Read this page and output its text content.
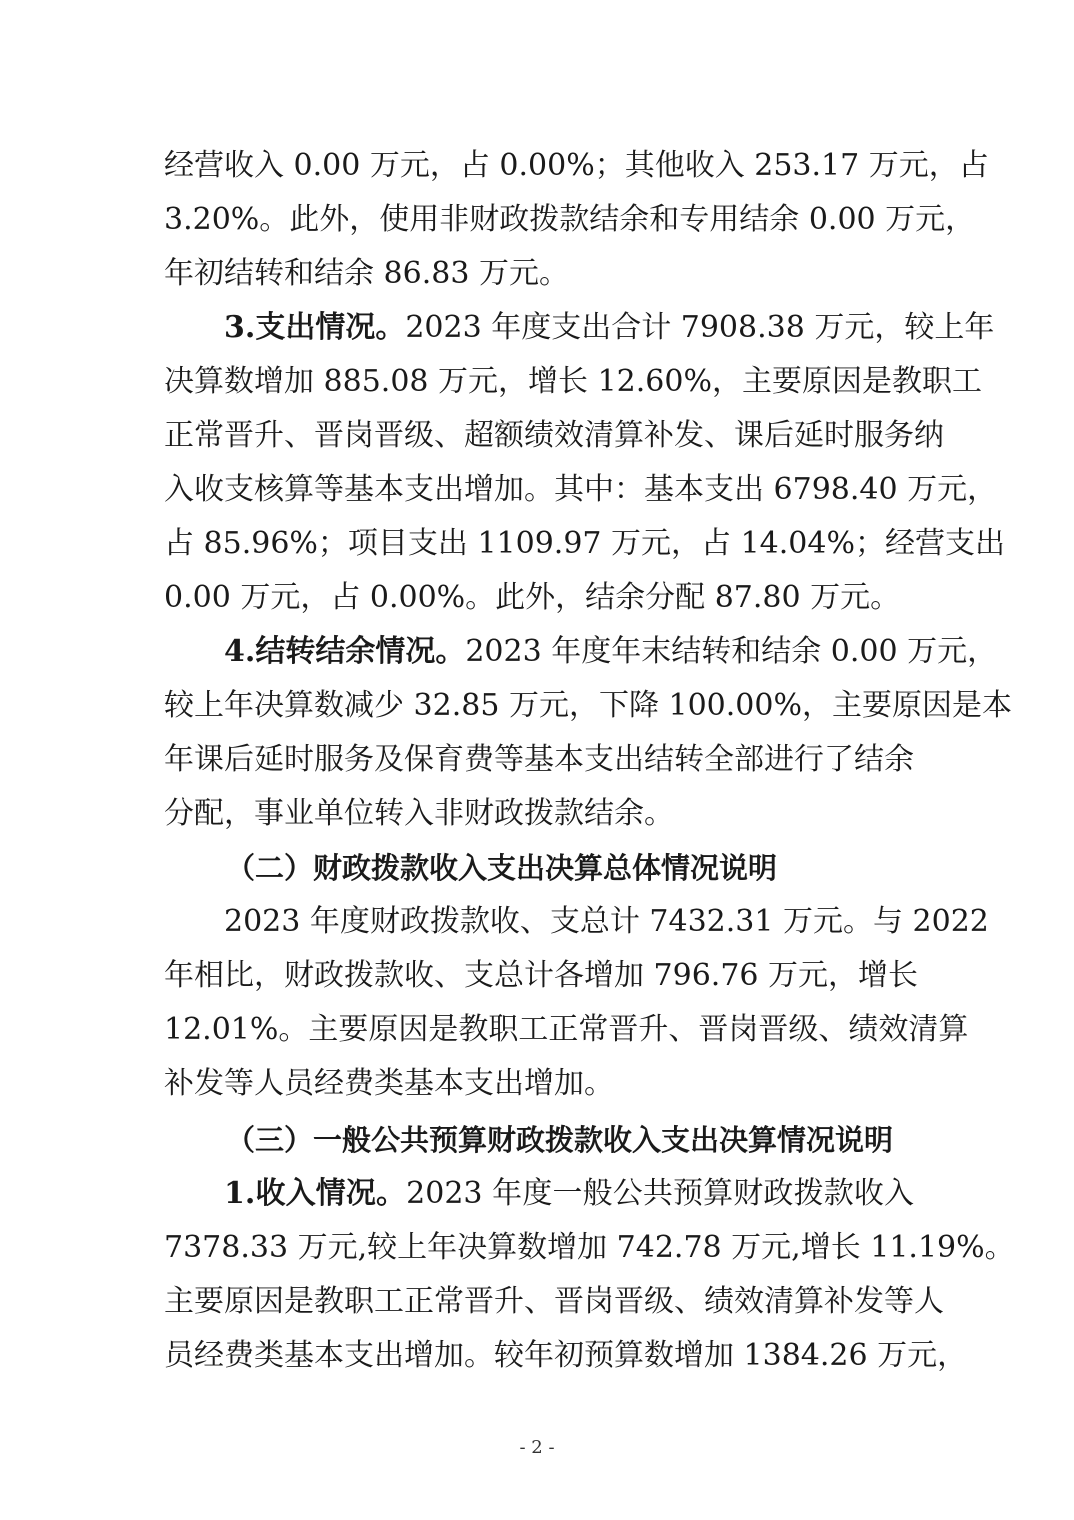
经营收入 0.00 万元，占 0.00%；其他收入 253.17 万元，占
3.20%。此外，使用非财政拨款结余和专用结余 0.00 万元，
年初结转和结余 86.83 万元。
3.支出情况。2023 年度支出合计 7908.38 万元，较上年
决算数增加 885.08 万元，增长 12.60%，主要原因是教职工
正常晋升、晋岗晋级、超额绩效清算补发、课后延时服务纳
入收支核算等基本支出增加。其中：基本支出 6798.40 万元，
占 85.96%；项目支出 1109.97 万元，占 14.04%；经营支出
0.00 万元，占 0.00%。此外，结余分配 87.80 万元。
4.结转结余情况。2023 年度年末结转和结余 0.00 万元，
较上年决算数减少 32.85 万元，下降 100.00%，主要原因是本
年课后延时服务及保育费等基本支出结转全部进行了结余
分配，事业单位转入非财政拨款结余。
（二）财政拨款收入支出决算总体情况说明
2023 年度财政拨款收、支总计 7432.31 万元。与 2022
年相比，财政拨款收、支总计各增加 796.76 万元，增长
12.01%。主要原因是教职工正常晋升、晋岗晋级、绩效清算
补发等人员经费类基本支出增加。
（三）一般公共预算财政拨款收入支出决算情况说明
1.收入情况。2023 年度一般公共预算财政拨款收入
7378.33 万元,较上年决算数增加 742.78 万元,增长 11.19%。
主要原因是教职工正常晋升、晋岗晋级、绩效清算补发等人
员经费类基本支出增加。较年初预算数增加 1384.26 万元，
- 2 -
